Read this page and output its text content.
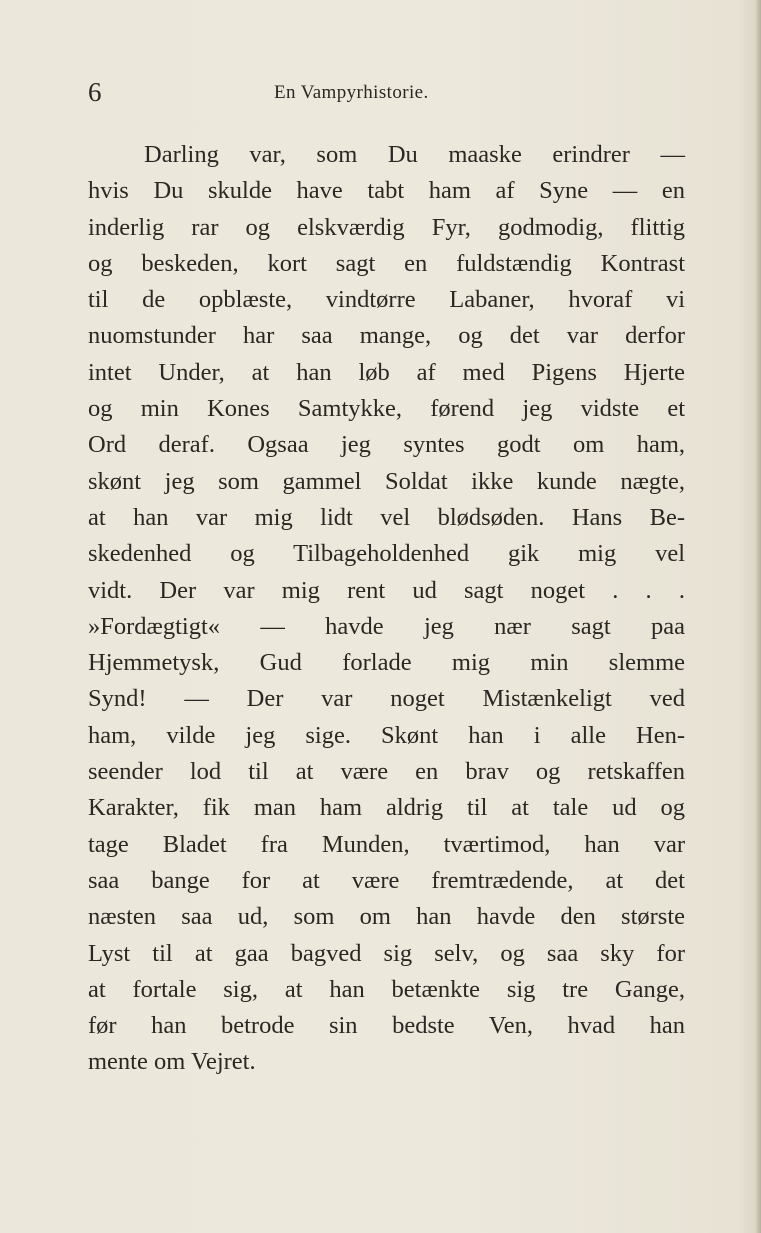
6	En Vampyrhistorie.
Darling var, som Du maaske erindrer —
hvis Du skulde have tabt ham af Syne — en
inderlig rar og elskværdig Fyr, godmodig, flittig
og beskeden, kort sagt en fuldstændig Kontrast
til de opblæste, vindtørre Labaner, hvoraf vi
nuomstunder har saa mange, og det var derfor
intet Under, at han løb af med Pigens Hjerte
og min Kones Samtykke, førend jeg vidste et
Ord deraf. Ogsaa jeg syntes godt om ham,
skønt jeg som gammel Soldat ikke kunde nægte,
at han var mig lidt vel blødsøden. Hans Be-
skedenhed og Tilbageholdenhed gik mig vel
vidt. Der var mig rent ud sagt noget . . .
»Fordægtigt« — havde jeg nær sagt paa
Hjemmetysk, Gud forlade mig min slemme
Synd! — Der var noget Mistænkeligt ved
ham, vilde jeg sige. Skønt han i alle Hen-
seender lod til at være en brav og retskaffen
Karakter, fik man ham aldrig til at tale ud og
tage Bladet fra Munden, tværtimod, han var
saa bange for at være fremtrædende, at det
næsten saa ud, som om han havde den største
Lyst til at gaa bagved sig selv, og saa sky for
at fortale sig, at han betænkte sig tre Gange,
før han betrode sin bedste Ven, hvad han
mente om Vejret.
